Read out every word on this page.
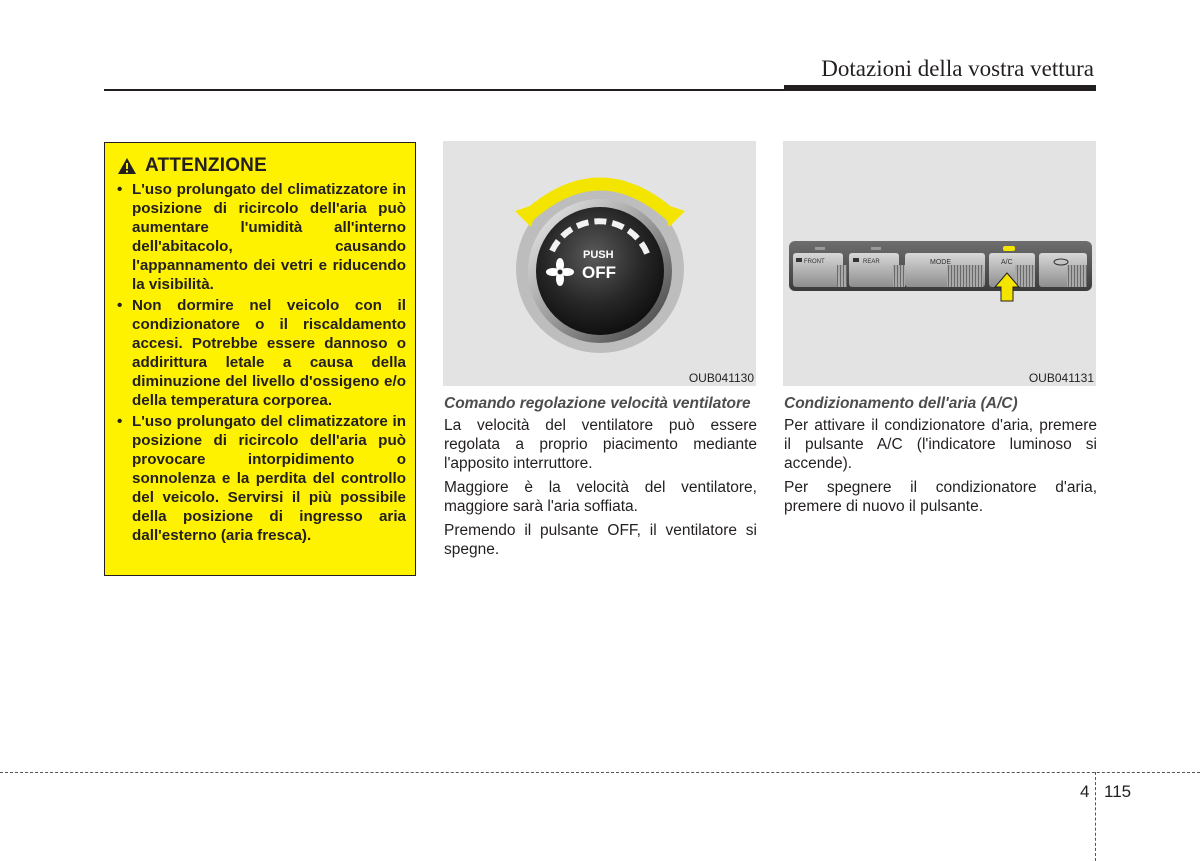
Dotazioni della vostra vettura
ATTENZIONE
• L'uso prolungato del climatizzatore in posizione di ricircolo dell'aria può aumentare l'umidità all'interno dell'abitacolo, causando l'appannamento dei vetri e riducendo la visibilità.
• Non dormire nel veicolo con il condizionatore o il riscaldamento accesi. Potrebbe essere dannoso o addirittura letale a causa della diminuzione del livello d'ossigeno e/o della temperatura corporea.
• L'uso prolungato del climatizzatore in posizione di ricircolo dell'aria può provocare intorpidimento o sonnolenza e la perdita del controllo del veicolo. Servirsi il più possibile della posizione di ingresso aria dall'esterno (aria fresca).
PUSH
OFF
OUB041130
FRONT	REAR	MODE	A/C
OUB041131

Comando regolazione velocità ventilatore

La velocità del ventilatore può essere regolata a proprio piacimento mediante l'apposito interruttore.

Maggiore è la velocità del ventilatore, maggiore sarà l'aria soffiata.

Premendo il pulsante OFF, il ventilatore si spegne.

Condizionamento dell'aria (A/C)

Per attivare il condizionatore d'aria, premere il pulsante A/C (l'indicatore luminoso si accende).

Per spegnere il condizionatore d'aria, premere di nuovo il pulsante.

4 115
